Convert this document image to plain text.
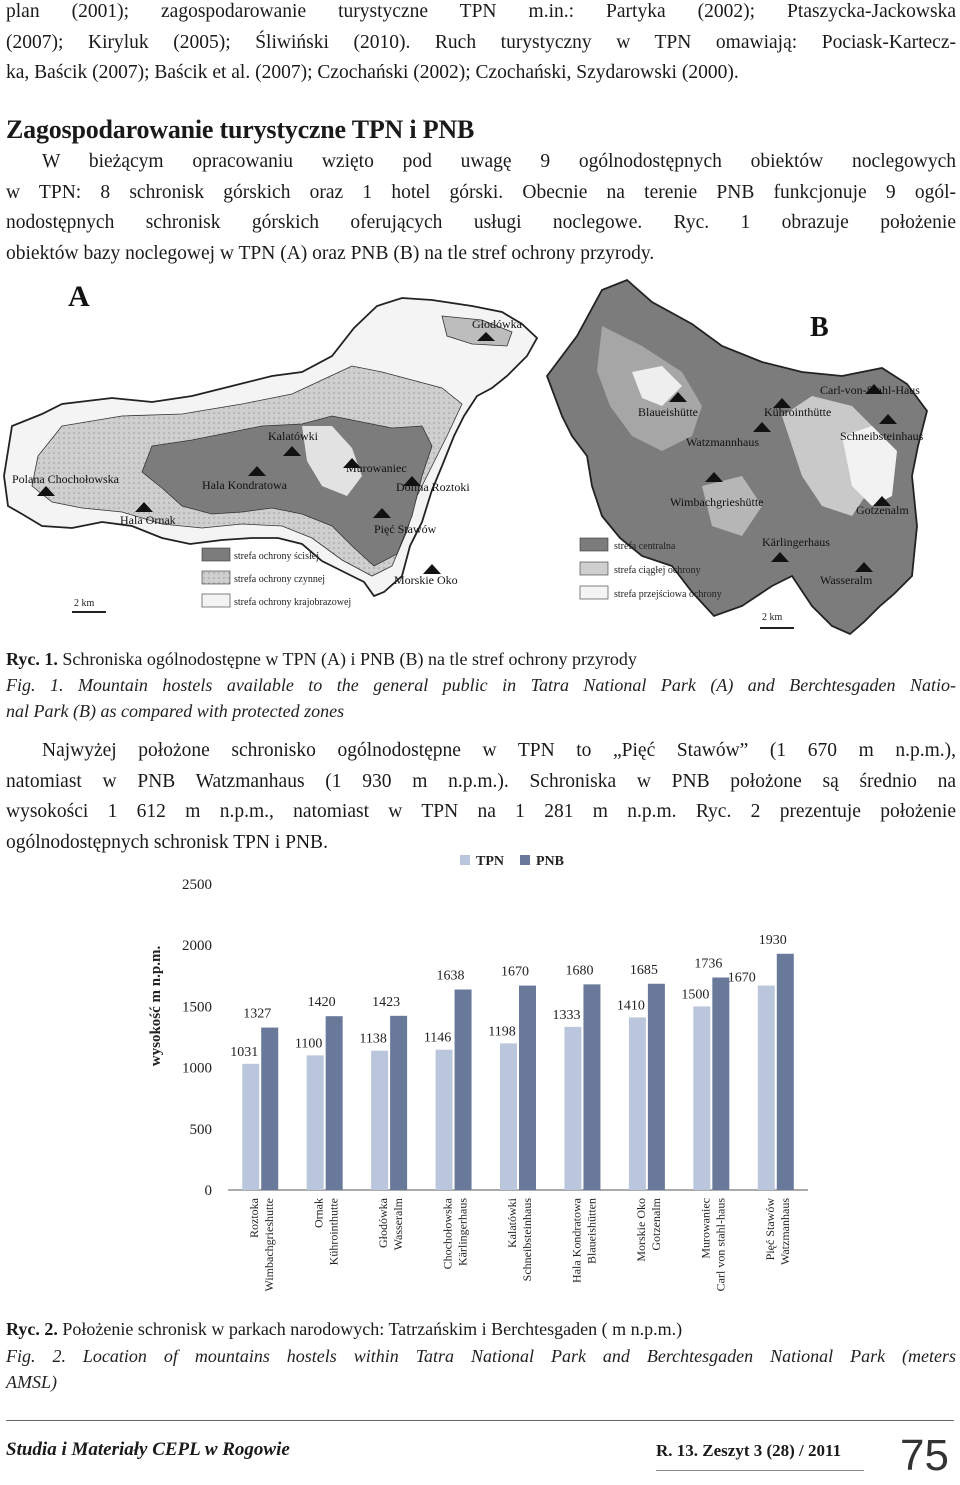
plan (2001); zagospodarowanie turystyczne TPN m.in.: Partyka (2002); Ptaszycka-Jackowska
(2007); Kiryluk (2005); Śliwiński (2010). Ruch turystyczny w TPN omawiają: Pociask-Kartecz-
ka, Baścik (2007); Baścik et al. (2007); Czochański (2002); Czochański, Szydarowski (2000).
Zagospodarowanie turystyczne TPN i PNB
W bieżącym opracowaniu wzięto pod uwagę 9 ogólnodostępnych obiektów noclegowych
w TPN: 8 schronisk górskich oraz 1 hotel górski. Obecnie na terenie PNB funkcjonuje 9 ogól-
nodostępnych schronisk górskich oferujących usługi noclegowe. Ryc. 1 obrazuje położenie
obiektów bazy noclegowej w TPN (A) oraz PNB (B) na tle stref ochrony przyrody.
A
Głodówka
Kalatówki
Polana Chochołowska	Hala Kondratowa
Murowaniec
Dolina Roztoki
Hala Ornak
Pięć Stawów
Morskie Oko
strefa ochrony ścisłej
strefa ochrony czynnej
strefa ochrony krajobrazowej
2 km
B
Carl-von-Stahl-Haus
Blaueishütte	Kührointhütte
Watzmannhaus	Schneibsteinhaus
Wimbachgrieshütte
Gotzenalm
Kärlingerhaus
Wasseralm
strefa centralna
strefa ciągłej ochrony
strefa przejściowa ochrony
2 km

Ryc. 1. Schroniska ogólnodostępne w TPN (A) i PNB (B) na tle stref ochrony przyrody

Fig. 1. Mountain hostels available to the general public in Tatra National Park (A) and Berchtesgaden Natio-
nal Park (B) as compared with protected zones
Najwyżej położone schronisko ogólnodostępne w TPN to „Pięć Stawów” (1 670 m n.p.m.),
natomiast w PNB Watzmanhaus (1 930 m n.p.m.). Schroniska w PNB położone są średnio na
wysokości 1 612 m n.p.m., natomiast w TPN na 1 281 m n.p.m. Ryc. 2 prezentuje położenie
ogólnodostępnych schronisk TPN i PNB.
0
500
1000
1500
2000
2500
wysokość m n.p.m.
TPN PNB
1031
1327
Roztoka Wimbachgrieshutte
1100
1420
Ornak Kührointhutte
1138
1423
Głodówka Wasseralm
1146
1638
Chochołowska Kärlingerhaus
1198
1670
Kalatówki Schneibsteinhaus
1333
1680
Hala Kondratowa Blaueishütten
1410
1685
Morskie Oko Gotzenalm
1500
1736
Murowaniec Carl von stahl-haus
1670
1930
Pięć Stawów Watzmanhaus

Ryc. 2. Położenie schronisk w parkach narodowych: Tatrzańskim i Berchtesgaden ( m n.p.m.)

Fig. 2. Location of mountains hostels within Tatra National Park and Berchtesgaden National Park (meters
AMSL)

Studia i Materiały CEPL w Rogowie	R. 13. Zeszyt 3 (28) / 2011 75
